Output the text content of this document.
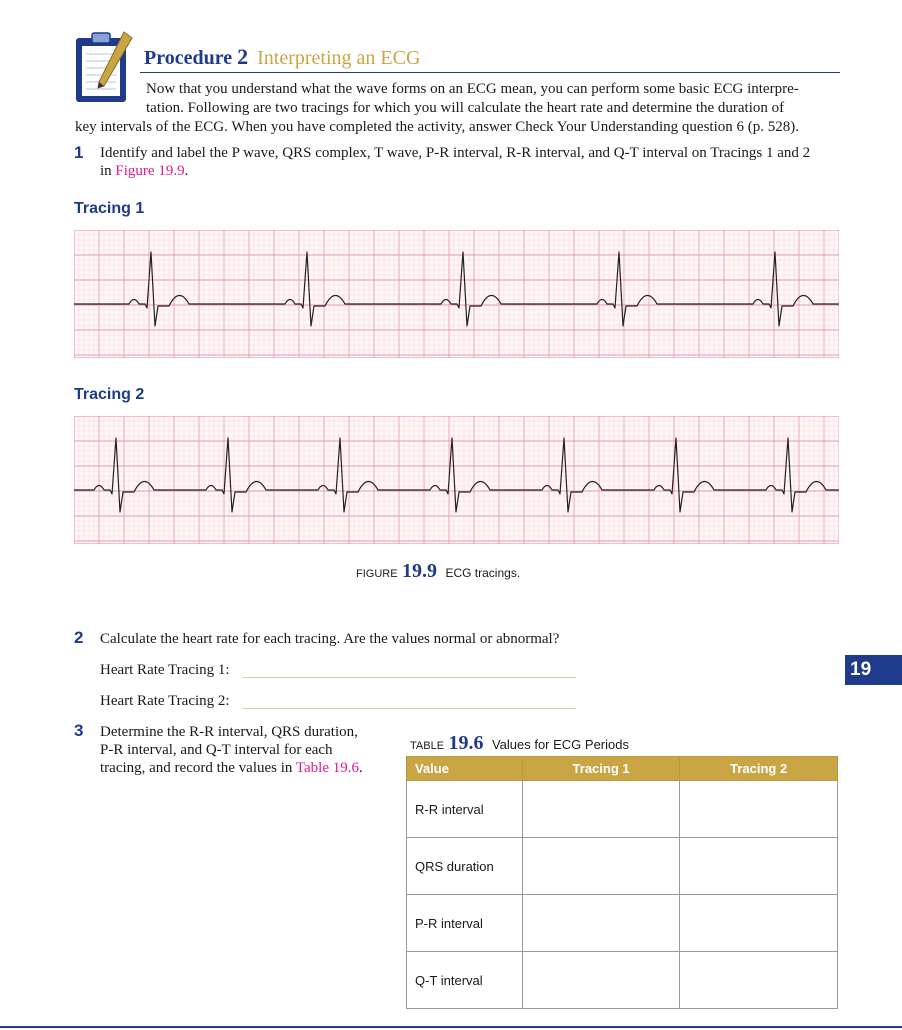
Procedure 2 Interpreting an ECG
Now that you understand what the wave forms on an ECG mean, you can perform some basic ECG interpre-
tation. Following are two tracings for which you will calculate the heart rate and determine the duration of
key intervals of the ECG. When you have completed the activity, answer Check Your Understanding question 6 (p. 528).
1 Identify and label the P wave, QRS complex, T wave, P-R interval, R-R interval, and Q-T interval on Tracings 1 and 2
in Figure 19.9.
Tracing 1
Tracing 2
FIGURE 19.9 ECG tracings.
2 Calculate the heart rate for each tracing. Are the values normal or abnormal?
Heart Rate Tracing 1:
Heart Rate Tracing 2:
19
3 Determine the R-R interval, QRS duration,
P-R interval, and Q-T interval for each
tracing, and record the values in Table 19.6.
TABLE 19.6 Values for ECG Periods
Value	Tracing 1	Tracing 2
R-R interval		
QRS duration		
P-R interval		
Q-T interval		
